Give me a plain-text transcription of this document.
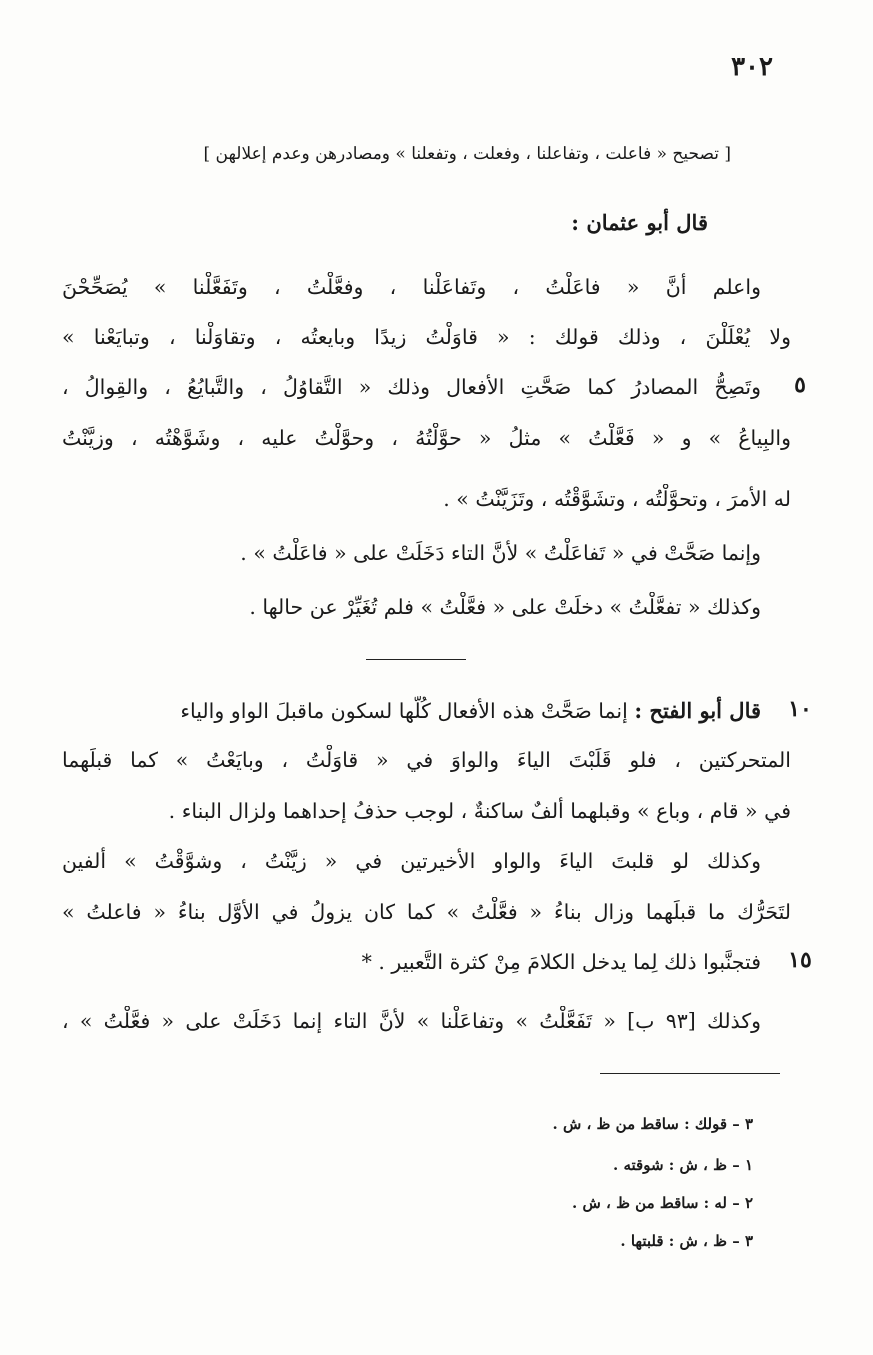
٣٠٢
[ تصحيح « فاعلت ، وتفاعلنا ، وفعلت ، وتفعلنا » ومصادرهن وعدم إعلالهن ]
قال أبو عثمان :
واعلم أنَّ « فاعَلْتُ ، وتَفاعَلْنا ، وفعَّلْتُ ، وتَفَعَّلْنا » يُصَحِّحْنَ
ولا يُعْلَلْنَ ، وذلك قولك : « قاوَلْتُ زيدًا وبايعتُه ، وتقاوَلْنا ، وتبايَعْنا »
وتَصِحُّ المصادرُ كما صَحَّتِ الأفعال وذلك « التَّقاوُلُ ، والتَّبايُعُ ، والقِوالُ ،
والبِياعُ » و « فَعَّلْتُ » مثلُ « حوَّلْتُهُ ، وحوَّلْتُ عليه ، وشَوَّهْتُه ، وزيَّنْتُ
له الأمرَ ، وتحوَّلْتُه ، وتشَوَّقْتُه ، وتَزَيَّنْتُ » .
وإنما صَحَّتْ في « تَفاعَلْتُ » لأنَّ التاء دَخَلَتْ على « فاعَلْتُ » .
وكذلك « تفعَّلْتُ » دخلَتْ على « فعَّلْتُ » فلم تُغَيِّرْ عن حالها .
٥
قال أبو الفتح : إنما صَحَّتْ هذه الأفعال كُلُّها لسكون ماقبلَ الواو والياء
المتحركتين ، فلو قَلَبْتَ الياءَ والواوَ في « قاوَلْتُ ، وبايَعْتُ » كما قبلَهما
في « قام ، وباع » وقبلهما ألفٌ ساكنةٌ ، لوجب حذفُ إحداهما ولزال البناء .
وكذلك لو قلبتَ الياءَ والواو الأخيرتين في « زيَّنْتُ ، وشوَّقْتُ » ألفين
لتَحَرُّك ما قبلَهما وزال بناءُ « فعَّلْتُ » كما كان يزولُ في الأوَّل بناءُ « فاعلتُ »
فتجنَّبوا ذلك لِما يدخل الكلامَ مِنْ كثرة التَّعبير . *
وكذلك [٩٣ ب] « تَفَعَّلْتُ » وتفاعَلْنا » لأنَّ التاء إنما دَخَلَتْ على « فعَّلْتُ » ،
١٠
١٥
٣ – قولك : ساقط من ظ ، ش .
١ – ظ ، ش : شوقته .
٢ – له : ساقط من ظ ، ش .
٣ – ظ ، ش : قلبتها .
